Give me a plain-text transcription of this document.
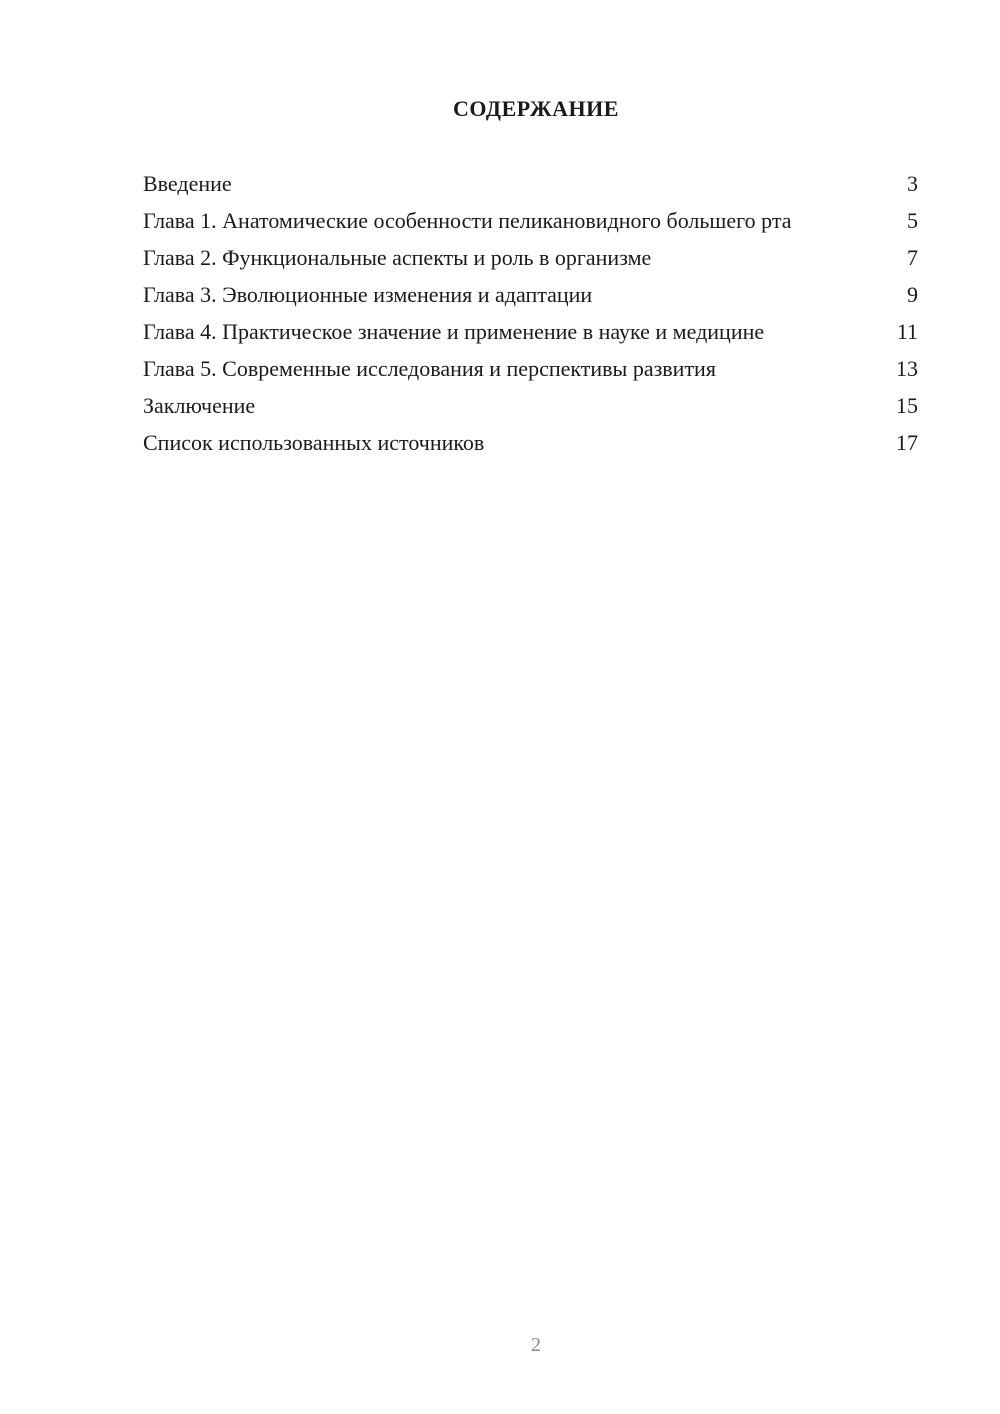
СОДЕРЖАНИЕ
Введение	3
Глава 1. Анатомические особенности пеликановидного большего рта	5
Глава 2. Функциональные аспекты и роль в организме	7
Глава 3. Эволюционные изменения и адаптации	9
Глава 4. Практическое значение и применение в науке и медицине	11
Глава 5. Современные исследования и перспективы развития	13
Заключение	15
Список использованных источников	17
2
